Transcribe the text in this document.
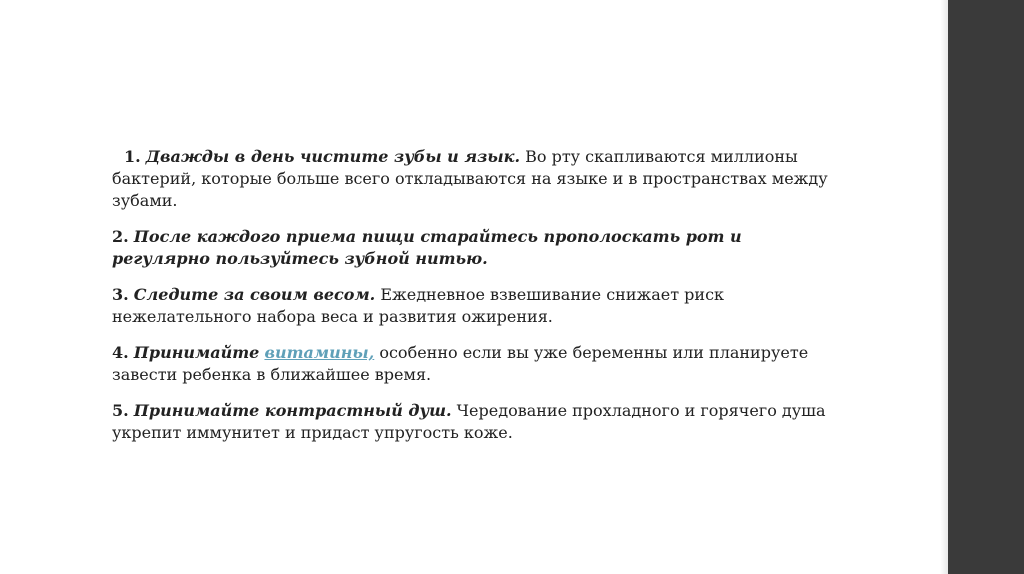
1. Дважды в день чистите зубы и язык. Во рту скапливаются миллионы бактерий, которые больше всего откладываются на языке и в пространствах между зубами.

2. После каждого приема пищи старайтесь прополоскать рот и регулярно пользуйтесь зубной нитью.

3. Следите за своим весом. Ежедневное взвешивание снижает риск нежелательного набора веса и развития ожирения.

4. Принимайте витамины, особенно если вы уже беременны или планируете завести ребенка в ближайшее время.

5. Принимайте контрастный душ. Чередование прохладного и горячего душа укрепит иммунитет и придаст упругость коже.
